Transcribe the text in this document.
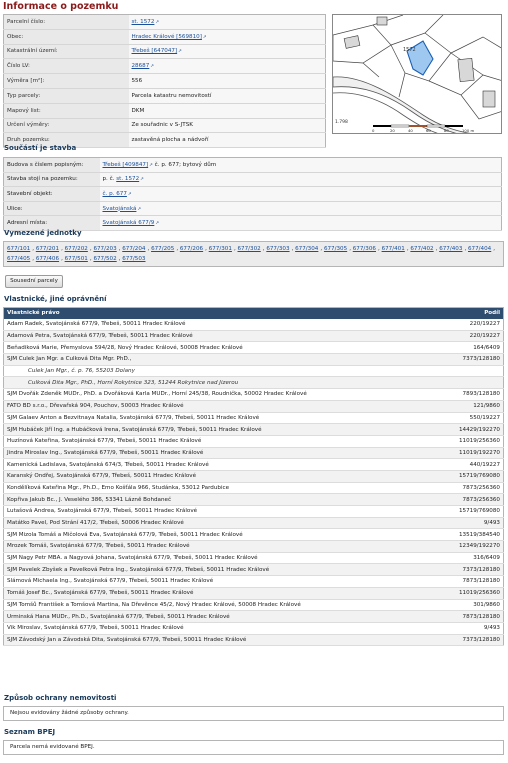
Informace o pozemku
Parcelní číslo:	st. 1572↗
Obec:	Hradec Králové [569810]↗
Katastrální území:	Třebeš [647047]↗
Číslo LV:	28687↗
Výměra [m²]:	556
Typ parcely:	Parcela katastru nemovitostí
Mapový list:	DKM
Určení výměry:	Ze souřadnic v S-JTSK
Druh pozemku:	zastavěná plocha a nádvoří
1572
1.798
0	20	40	60	80	100 m
Součástí je stavba
Budova s číslem popisným:	Třebeš [409847]↗ č. p. 677; bytový dům
Stavba stojí na pozemku:	p. č. st. 1572↗
Stavební objekt:	č. p. 677↗
Ulice:	Svatojánská↗
Adresní místa:	Svatojánská 677/9↗
Vymezené jednotky
677/101 , 677/201 , 677/202 , 677/203 , 677/204 , 677/205 , 677/206 , 677/301 , 677/302 , 677/303 , 677/304 , 677/305 , 677/306 , 677/401 , 677/402 , 677/403 , 677/404 , 677/405 , 677/406 , 677/501 , 677/502 , 677/503
Sousední parcely
Vlastnické, jiné oprávnění
Vlastnické právo	Podíl
Adam Radek, Svatojánská 677/9, Třebeš, 50011 Hradec Králové	220/19227
Adamová Petra, Svatojánská 677/9, Třebeš, 50011 Hradec Králové	220/19227
Beňadiková Marie, Přemyslova 594/28, Nový Hradec Králové, 50008 Hradec Králové	164/6409
SJM Culek Jan Mgr. a Culková Dita Mgr. PhD.,	7373/128180
Culek Jan Mgr., č. p. 76, 55203 Dolany	
Culková Dita Mgr., PhD., Horní Rokytnice 323, 51244 Rokytnice nad Jizerou	
SJM Dvořák Zdeněk MUDr., PhD. a Dvořáková Karla MUDr., Horní 245/38, Roudnička, 50002 Hradec Králové	7893/128180
FATO BD s.r.o., Dřevařská 904, Pouchov, 50003 Hradec Králové	121/9860
SJM Galaev Anton a Bezvitnaya Natalia, Svatojánská 677/9, Třebeš, 50011 Hradec Králové	550/19227
SJM Hubáček Jiří Ing. a Hubáčková Irena, Svatojánská 677/9, Třebeš, 50011 Hradec Králové	14429/192270
Huzínová Kateřina, Svatojánská 677/9, Třebeš, 50011 Hradec Králové	11019/256360
Jindra Miroslav Ing., Svatojánská 677/9, Třebeš, 50011 Hradec Králové	11019/192270
Kamenická Ladislava, Svatojánská 674/3, Třebeš, 50011 Hradec Králové	440/19227
Karanský Ondřej, Svatojánská 677/9, Třebeš, 50011 Hradec Králové	15719/769080
Kondělíková Kateřina Mgr., Ph.D., Emo Košťála 966, Studánka, 53012 Pardubice	7873/256360
Kopřiva Jakub Bc., J. Veselého 386, 53341 Lázně Bohdaneč	7873/256360
Lutašová Andrea, Svatojánská 677/9, Třebeš, 50011 Hradec Králové	15719/769080
Matátko Pavel, Pod Strání 417/2, Třebeš, 50006 Hradec Králové	9/493
SJM Mizola Tomáš a Mičolová Eva, Svatojánská 677/9, Třebeš, 50011 Hradec Králové	13519/384540
Mrozek Tomáš, Svatojánská 677/9, Třebeš, 50011 Hradec Králové	12349/192270
SJM Nagy Petr MBA. a Nagyová Johana, Svatojánská 677/9, Třebeš, 50011 Hradec Králové	316/6409
SJM Pavelek Zbyšek a Pavelková Petra Ing., Svatojánská 677/9, Třebeš, 50011 Hradec Králové	7373/128180
Slámová Michaela Ing., Svatojánská 677/9, Třebeš, 50011 Hradec Králové	7873/128180
Tomáš Josef Bc., Svatojánská 677/9, Třebeš, 50011 Hradec Králové	11019/256360
SJM Tomšů František a Tomšová Martina, Na Dřevěnce 45/2, Nový Hradec Králové, 50008 Hradec Králové	301/9860
Urminská Hana MUDr., Ph.D., Svatojánská 677/9, Třebeš, 50011 Hradec Králové	7873/128180
Vik Miroslav, Svatojánská 677/9, Třebeš, 50011 Hradec Králové	9/493
SJM Závodský Jan a Závodská Dita, Svatojánská 677/9, Třebeš, 50011 Hradec Králové	7373/128180
Způsob ochrany nemovitosti
Nejsou evidovány žádné způsoby ochrany.
Seznam BPEJ
Parcela nemá evidované BPEJ.
